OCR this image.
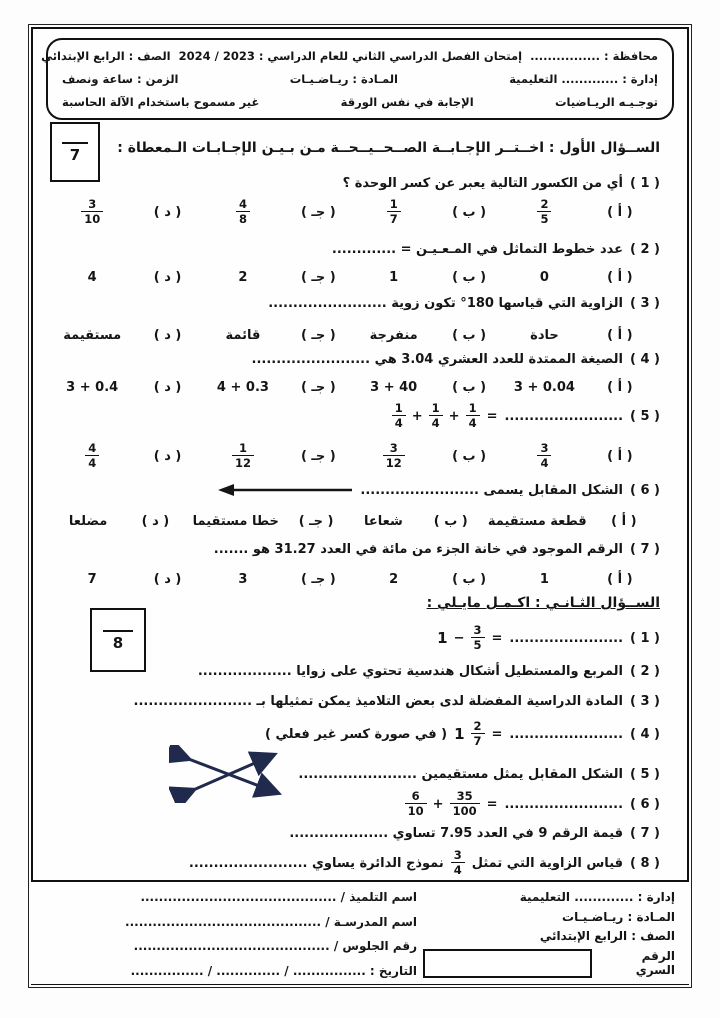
محافظة : ................
إمتحان الفصل الدراسي الثاني للعام الدراسي : 2023 / 2024
الصف : الرابع الإبتدائي
إدارة : ............. التعليمية
المـادة : ريـاضـيـات
الزمن : ساعة ونصف
توجـيـه الريـاضيات
الإجابة في نفس الورقة
غير مسموح باستخدام الآلة الحاسبة
7	الســؤال الأول : اخــتــر الإجـابــة الصــحــيــحــة مـن بـيـن الإجـابـات الـمعطاة :
( 1 )
أي من الكسور التالية يعبر عن كسر الوحدة ؟
( أ )
$\frac{2}{5}$
( ب )
$\frac{1}{7}$
( جـ )
$\frac{4}{8}$
( د )
$\frac{3}{10}$
( 2 )
عدد خطوط التماثل في المـعـيـن = .............
( أ )
0
( ب )
1
( جـ )
2
( د )
4
( 3 )
الزاوية التي قياسها 180° تكون زوية ........................
( أ )
حادة
( ب )
منفرجة
( جـ )
قائمة
( د )
مستقيمة
( 4 )
الصيغة الممتدة للعدد العشري 3.04 هي ........................
( أ )
3 + 0.04
( ب )
3 + 40
( جـ )
4 + 0.3
( د )
3 + 0.4
( 5 )
........................
=
$\frac{1}{4} + \frac{1}{4} + \frac{1}{4}$
( أ )
$\frac{3}{4}$
( ب )
$\frac{3}{12}$
( جـ )
$\frac{1}{12}$
( د )
$\frac{4}{4}$
( 6 )
الشكل المقابل يسمى ........................
( أ )
قطعة مستقيمة
( ب )
شعاعا
( جـ )
خطا مستقيما
( د )
مضلعا
( 7 )
الرقم الموجود في خانة الجزء من مائة في العدد 31.27 هو .......
( أ )
1
( ب )
2
( جـ )
3
( د )
7
الســؤال الثـانـي : اكـمـل مايـلي :
8	( 1 )
.......................
=
$1 - \frac{3}{5}$
( 2 )
المربع والمستطيل أشكال هندسية تحتوي على زوايا ...................
( 3 )
المادة الدراسية المفضلة لدى بعض التلاميذ يمكن تمثيلها بـ ........................
( 4 )
.......................
=
$1 \frac{2}{7}$
( في صورة كسر غير فعلي )
( 5 )
الشكل المقابل يمثل مستقيمين ........................
( 6 )
........................
=
$\frac{6}{10} + \frac{35}{100}$
( 7 )
قيمة الرقم 9 في العدد 7.95 تساوي ....................
( 8 )
قياس الزاوية التي تمثل
$\frac{3}{4}$
نموذج الدائرة يساوي ........................
إدارة : ............. التعليمية
المـادة : ريـاضـيـات
الصف : الرابع الإبتدائي
الرقم السري
اسم التلميذ / ...........................................
اسم المدرسـة / ...........................................
رقم الجلوس / ...........................................
التاريخ : ................ / .............. / ................
